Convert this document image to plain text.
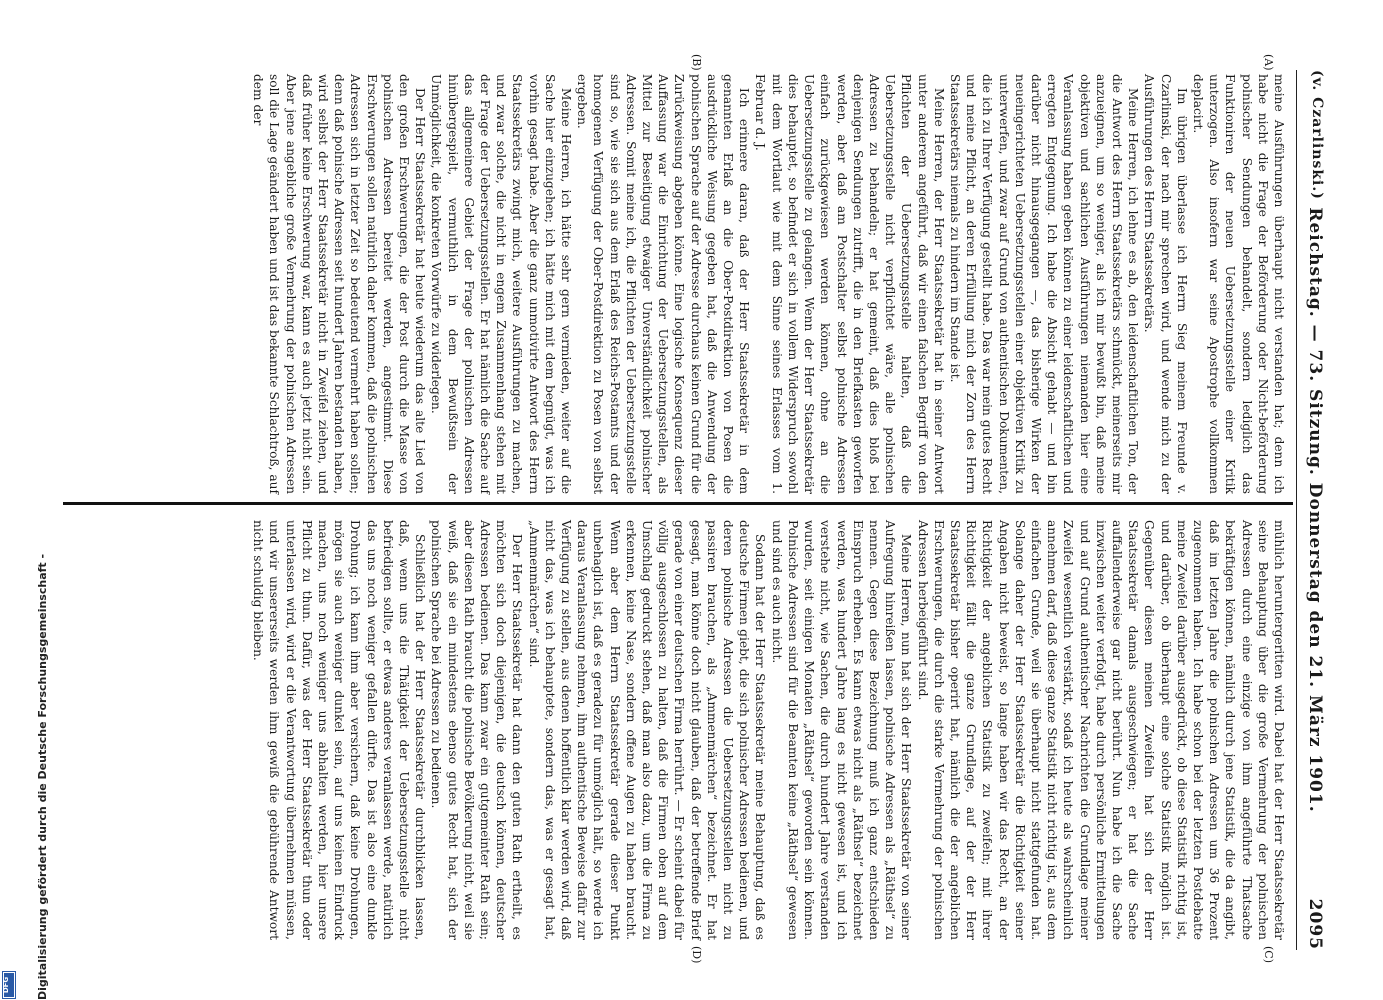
(v. Czarlinski.)
Reichstag. — 73. Sitzung. Donnerstag den 21. März 1901.
2095
(A)
(B)
(C)
(D)

meine Ausführungen überhaupt nicht verstanden hat; denn ich habe nicht die Frage der Beförderung oder Nicht-beförderung polnischer Sendungen behandelt, sondern lediglich das Funktioniren der neuen Uebersetzungsstelle einer Kritik unterzogen. Also insofern war seine Apostrophe vollkommen deplacirt.

Im übrigen überlasse ich Herrn Sieg meinem Freunde v. Czarlinski, der nach mir sprechen wird, und wende mich zu der Ausführungen des Herrn Staatssekretärs.

Meine Herren, ich lehne es ab, den leidenschaftlichen Ton, der die Antwort des Herrn Staatssekretärs schmückt, meinerseits mir anzueignen, um so weniger, als ich mir bewußt bin, daß meine objektiven und sachlichen Ausführungen niemanden hier eine Veranlassung haben geben können zu einer leidenschaftlichen und erregten Entgegnung. Ich habe die Absicht gehabt — und bin darüber nicht hinausgegangen —, das bisherige Wirken der neueingerichteten Uebersetzungsstellen einer objektiven Kritik zu unterwerfen, und zwar auf Grund von authentischen Dokumenten, die ich zu Ihrer Verfügung gestellt habe. Das war mein gutes Recht und meine Pflicht, an deren Erfüllung mich der Zorn des Herrn Staatssekretärs niemals zu hindern im Stande ist.

Meine Herren, der Herr Staatssekretär hat in seiner Antwort unter anderem angeführt, daß wir einen falschen Begriff von den Pflichten der Uebersetzungsstelle halten, daß die Uebersetzungsstelle nicht verpflichtet wäre, alle polnischen Adressen zu behandeln; er hat gemeint, daß dies bloß bei denjenigen Sendungen zutrifft, die in den Briefkasten geworfen werden, aber daß am Postschalter selbst polnische Adressen einfach zurückgewiesen werden können, ohne an die Uebersetzungsstelle zu gelangen. Wenn der Herr Staatssekretär dies behauptet, so befindet er sich in vollem Widerspruch sowohl mit dem Wortlaut wie mit dem Sinne seines Erlasses vom 1. Februar d. J.

Ich erinnere daran, daß der Herr Staatssekretär in dem genannten Erlaß an die Ober-Postdirektion von Posen die ausdrückliche Weisung gegeben hat, daß die Anwendung der polnischen Sprache auf der Adresse durchaus keinen Grund für die Zurückweisung abgeben könne. Eine logische Konsequenz dieser Auffassung war die Einrichtung der Uebersetzungsstellen, als Mittel zur Beseitigung etwaiger Unverständlichkeit polnischer Adressen. Somit meine ich, die Pflichten der Uebersetzungsstelle sind so, wie sie sich aus dem Erlaß des Reichs-Postamts und der homogenen Verfügung der Ober-Postdirektion zu Posen von selbst ergeben.

Meine Herren, ich hätte sehr gern vermieden, weiter auf die Sache hier einzugehen; ich hätte mich mit dem begnügt, was ich vorhin gesagt habe. Aber die ganz unmotivirte Antwort des Herrn Staatssekretärs zwingt mich, weitere Ausführungen zu machen, und zwar solche, die nicht in engem Zusammenhang stehen mit der Frage der Uebersetzungsstellen. Er hat nämlich die Sache auf das allgemeinere Gebiet der Frage der polnischen Adressen hinübergespielt, vermuthlich in dem Bewußtsein der Unmöglichkeit, die konkreten Vorwürfe zu widerlegen.

Der Herr Staatssekretär hat heute wiederum das alte Lied von den großen Erschwerungen, die der Post durch die Masse von polnischen Adressen bereitet werden, angestimmt. Diese Erschwerungen sollen natürlich daher kommen, daß die polnischen Adressen sich in letzter Zeit so bedeutend vermehrt haben sollen; denn daß polnische Adressen seit hundert Jahren bestanden haben, wird selbst der Herr Staatssekretär nicht in Zweifel ziehen, und daß früher keine Erschwerung war, kann es auch jetzt nicht sein. Aber jene angebliche große Vermehrung der polnischen Adressen soll die Lage geändert haben und ist das bekannte Schlachtroß, auf dem der

mühlich heruntergeritten wird. Dabei hat der Herr Staatssekretär seine Behauptung über die große Vermehrung der polnischen Adressen durch eine einzige von ihm angeführte Thatsache bekräftigen können, nämlich durch jene Statistik, die da angibt, daß im letzten Jahre die polnischen Adressen um 36 Prozent zugenommen haben. Ich habe schon bei der letzten Postdebatte meine Zweifel darüber ausgedrückt, ob diese Statistik richtig ist, und darüber, ob überhaupt eine solche Statistik möglich ist. Gegenüber diesen meinen Zweifeln hat sich der Herr Staatssekretär damals ausgeschwiegen; er hat die Sache auffallenderweise gar nicht berührt. Nun habe ich die Sache inzwischen weiter verfolgt, habe durch persönliche Ermittelungen und auf Grund authentischer Nachrichten die Grundlage meiner Zweifel wesentlich verstärkt, sodaß ich heute als wahrscheinlich annehmen darf, daß diese ganze Statistik nicht richtig ist, aus dem einfachen Grunde, weil sie überhaupt nicht stattgefunden hat. Solange daher der Herr Staatssekretär die Richtigkeit seiner Angaben nicht beweist, so lange haben wir das Recht, an der Richtigkeit der angeblichen Statistik zu zweifeln; mit ihrer Richtigkeit fällt die ganze Grundlage, auf der der Herr Staatssekretär bisher operirt hat, nämlich die der angeblichen Erschwerungen, die durch die starke Vermehrung der polnischen Adressen herbeigeführt sind.

Meine Herren, nun hat sich der Herr Staatssekretär von seiner Aufregung hinreißen lassen, polnische Adressen als „Räthsel“ zu nennen. Gegen diese Bezeichnung muß ich ganz entschieden Einspruch erheben. Es kann etwas nicht als „Räthsel“ bezeichnet werden, was hundert Jahre lang es nicht gewesen ist, und ich verstehe nicht, wie Sachen, die durch hundert Jahre verstanden wurden, seit einigen Monaten „Räthsel“ geworden sein können. Polnische Adressen sind für die Beamten keine „Räthsel“ gewesen und sind es auch nicht.

Sodann hat der Herr Staatssekretär meine Behauptung, daß es deutsche Firmen giebt, die sich polnischer Adressen bedienen, und deren polnische Adressen die Uebersetzungsstellen nicht zu passiren brauchen, als „Ammenmärchen“ bezeichnet. Er hat gesagt, man könne doch nicht glauben, daß der betreffende Brief gerade von einer deutschen Firma herrührt. — Er scheint dabei für völlig ausgeschlossen zu halten, daß die Firmen oben auf dem Umschlag gedruckt stehen, daß man also dazu, um die Firma zu erkennen, keine Nase, sondern offene Augen zu haben braucht. Wenn aber dem Herrn Staatssekretär gerade dieser Punkt unbehaglich ist, daß es geradezu für unmöglich hält, so werde ich daraus Veranlassung nehmen, ihm authentische Beweise dafür zur Verfügung zu stellen, aus denen hoffentlich klar werden wird, daß nicht das, was ich behauptete, sondern das, was er gesagt hat, „Ammenmärchen“ sind.

Der Herr Staatssekretär hat dann den guten Rath ertheilt, es möchten sich doch diejenigen, die deutsch können, deutscher Adressen bedienen. Das kann zwar ein gutgemeinter Rath sein; aber diesen Rath braucht die polnische Bevölkerung nicht, weil sie weiß, daß sie ein mindestens ebenso gutes Recht hat, sich der polnischen Sprache bei Adressen zu bedienen.

Schließlich hat der Herr Staatssekretär durchblicken lassen, daß, wenn uns die Thätigkeit der Uebersetzungsstelle nicht befriedigen sollte, er etwas anderes veranlassen werde, natürlich das uns noch weniger gefallen dürfte. Das ist also eine dunkle Drohung; ich kann ihm aber versichern, daß keine Drohungen, mögen sie auch weniger dunkel sein, auf uns keinen Eindruck machen, uns noch weniger uns abhalten werden, hier unsere Pflicht zu thun. Dafür, was der Herr Staatssekretär thun oder unterlassen wird, wird er die Verantwortung übernehmen müssen, und wir unsererseits werden ihm gewiß die gebührende Antwort nicht schuldig bleiben.

Digitalisierung gefördert durch die Deutsche Forschungsgemeinschaft -
DFG
